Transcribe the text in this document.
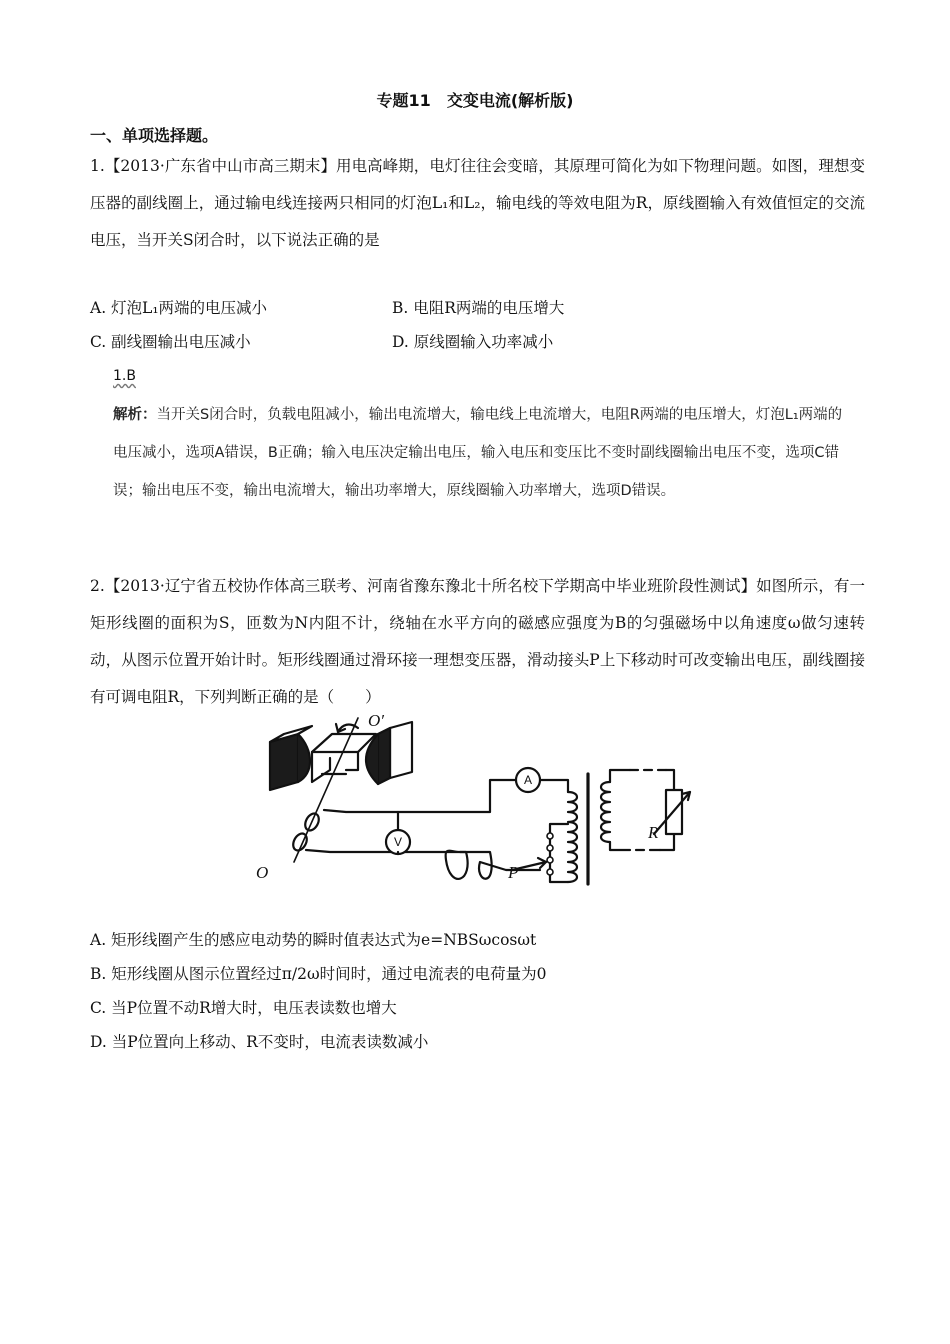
专题11　交变电流(解析版)
一、单项选择题。
1.【2013·广东省中山市高三期末】用电高峰期，电灯往往会变暗，其原理可简化为如下物理问题。如图，理想变压器的副线圈上，通过输电线连接两只相同的灯泡L₁和L₂，输电线的等效电阻为R，原线圈输入有效值恒定的交流电压，当开关S闭合时，以下说法正确的是
A. 灯泡L₁两端的电压减小	B. 电阻R两端的电压增大
C. 副线圈输出电压减小	D. 原线圈输入功率减小
1.B
解析：当开关S闭合时，负载电阻减小，输出电流增大，输电线上电流增大，电阻R两端的电压增大，灯泡L₁两端的电压减小，选项A错误，B正确；输入电压决定输出电压，输入电压和变压比不变时副线圈输出电压不变，选项C错误；输出电压不变，输出电流增大，输出功率增大，原线圈输入功率增大，选项D错误。
2.【2013·辽宁省五校协作体高三联考、河南省豫东豫北十所名校下学期高中毕业班阶段性测试】如图所示，有一矩形线圈的面积为S，匝数为N内阻不计，绕轴在水平方向的磁感应强度为B的匀强磁场中以角速度ω做匀速转动，从图示位置开始计时。矩形线圈通过滑环接一理想变压器，滑动接头P上下移动时可改变输出电压，副线圈接有可调电阻R，下列判断正确的是（　　）
O′
O	P
R
A
V
A. 矩形线圈产生的感应电动势的瞬时值表达式为e=NBSωcosωt
B. 矩形线圈从图示位置经过π/2ω时间时，通过电流表的电荷量为0
C. 当P位置不动R增大时，电压表读数也增大
D. 当P位置向上移动、R不变时，电流表读数减小
